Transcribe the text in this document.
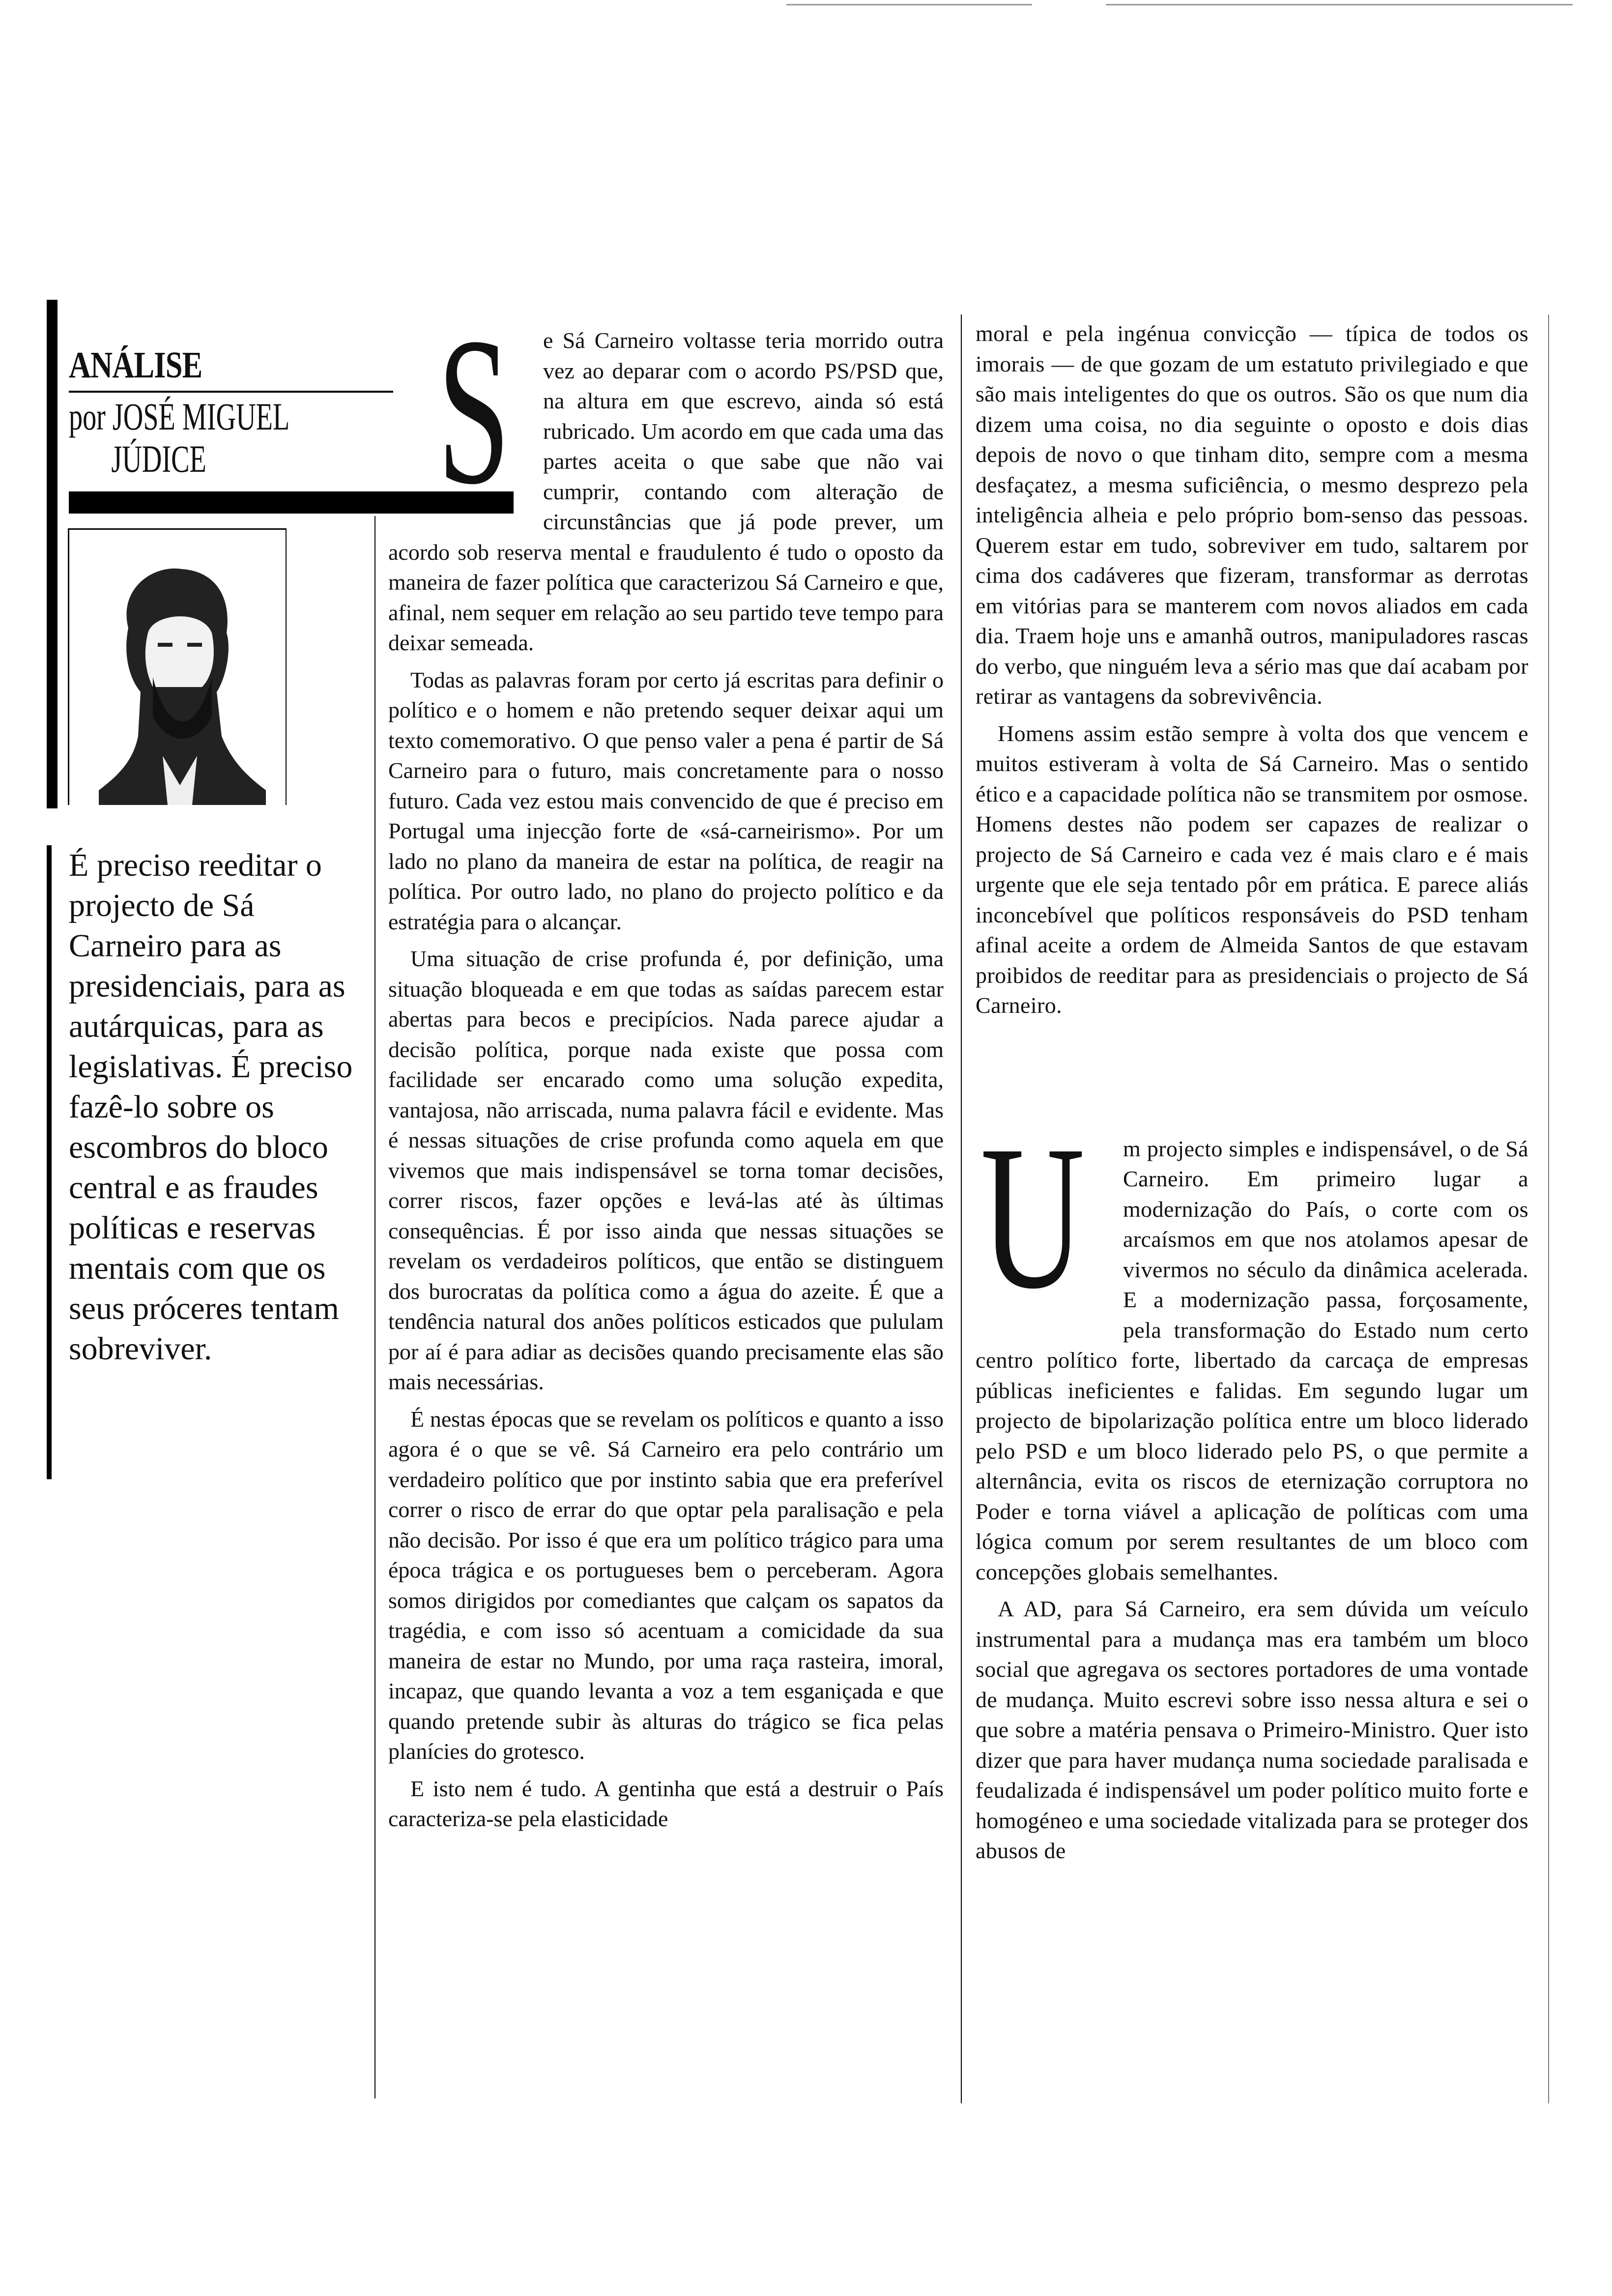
ANÁLISE
por JOSÉ MIGUEL
JÚDICE
É preciso reeditar o projecto de Sá Carneiro para as presidenciais, para as autárquicas, para as legislativas. É preciso fazê-lo sobre os escombros do bloco central e as fraudes políticas e reservas mentais com que os seus próceres tentam sobreviver.
S	e Sá Carneiro voltasse teria morrido outra vez ao deparar com o acordo PS/PSD que, na altura em que escrevo, ainda só está rubricado. Um acordo em que cada uma das partes aceita o que sabe que não vai cumprir, contando com alteração de circunstâncias que já pode prever, um acordo sob reserva mental e fraudulento é tudo o oposto da maneira de fazer política que caracterizou Sá Carneiro e que, afinal, nem sequer em relação ao seu partido teve tempo para deixar semeada.

Todas as palavras foram por certo já escritas para definir o político e o homem e não pretendo sequer deixar aqui um texto comemorativo. O que penso valer a pena é partir de Sá Carneiro para o futuro, mais concretamente para o nosso futuro. Cada vez estou mais convencido de que é preciso em Portugal uma injecção forte de «sá-carneirismo». Por um lado no plano da maneira de estar na política, de reagir na política. Por outro lado, no plano do projecto político e da estratégia para o alcançar.

Uma situação de crise profunda é, por definição, uma situação bloqueada e em que todas as saídas parecem estar abertas para becos e precipícios. Nada parece ajudar a decisão política, porque nada existe que possa com facilidade ser encarado como uma solução expedita, vantajosa, não arriscada, numa palavra fácil e evidente. Mas é nessas situações de crise profunda como aquela em que vivemos que mais indispensável se torna tomar decisões, correr riscos, fazer opções e levá-las até às últimas consequências. É por isso ainda que nessas situações se revelam os verdadeiros políticos, que então se distinguem dos burocratas da política como a água do azeite. É que a tendência natural dos anões políticos esticados que pululam por aí é para adiar as decisões quando precisamente elas são mais necessárias.

É nestas épocas que se revelam os políticos e quanto a isso agora é o que se vê. Sá Carneiro era pelo contrário um verdadeiro político que por instinto sabia que era preferível correr o risco de errar do que optar pela paralisação e pela não decisão. Por isso é que era um político trágico para uma época trágica e os portugueses bem o perceberam. Agora somos dirigidos por comediantes que calçam os sapatos da tragédia, e com isso só acentuam a comicidade da sua maneira de estar no Mundo, por uma raça rasteira, imoral, incapaz, que quando levanta a voz a tem esganiçada e que quando pretende subir às alturas do trágico se fica pelas planícies do grotesco.

E isto nem é tudo. A gentinha que está a destruir o País caracteriza-se pela elasticidade

moral e pela ingénua convicção — típica de todos os imorais — de que gozam de um estatuto privilegiado e que são mais inteligentes do que os outros. São os que num dia dizem uma coisa, no dia seguinte o oposto e dois dias depois de novo o que tinham dito, sempre com a mesma desfaçatez, a mesma suficiência, o mesmo desprezo pela inteligência alheia e pelo próprio bom-senso das pessoas. Querem estar em tudo, sobreviver em tudo, saltarem por cima dos cadáveres que fizeram, transformar as derrotas em vitórias para se manterem com novos aliados em cada dia. Traem hoje uns e amanhã outros, manipuladores rascas do verbo, que ninguém leva a sério mas que daí acabam por retirar as vantagens da sobrevivência.

Homens assim estão sempre à volta dos que vencem e muitos estiveram à volta de Sá Carneiro. Mas o sentido ético e a capacidade política não se transmitem por osmose. Homens destes não podem ser capazes de realizar o projecto de Sá Carneiro e cada vez é mais claro e é mais urgente que ele seja tentado pôr em prática. E parece aliás inconcebível que políticos responsáveis do PSD tenham afinal aceite a ordem de Almeida Santos de que estavam proibidos de reeditar para as presidenciais o projecto de Sá Carneiro.

U	m projecto simples e indispensável, o de Sá Carneiro. Em primeiro lugar a modernização do País, o corte com os arcaísmos em que nos atolamos apesar de vivermos no século da dinâmica acelerada. E a modernização passa, forçosamente, pela transformação do Estado num certo centro político forte, libertado da carcaça de empresas públicas ineficientes e falidas. Em segundo lugar um projecto de bipolarização política entre um bloco liderado pelo PSD e um bloco liderado pelo PS, o que permite a alternância, evita os riscos de eternização corruptora no Poder e torna viável a aplicação de políticas com uma lógica comum por serem resultantes de um bloco com concepções globais semelhantes.

A AD, para Sá Carneiro, era sem dúvida um veículo instrumental para a mudança mas era também um bloco social que agregava os sectores portadores de uma vontade de mudança. Muito escrevi sobre isso nessa altura e sei o que sobre a matéria pensava o Primeiro-Ministro. Quer isto dizer que para haver mudança numa sociedade paralisada e feudalizada é indispensável um poder político muito forte e homogéneo e uma sociedade vitalizada para se proteger dos abusos de
